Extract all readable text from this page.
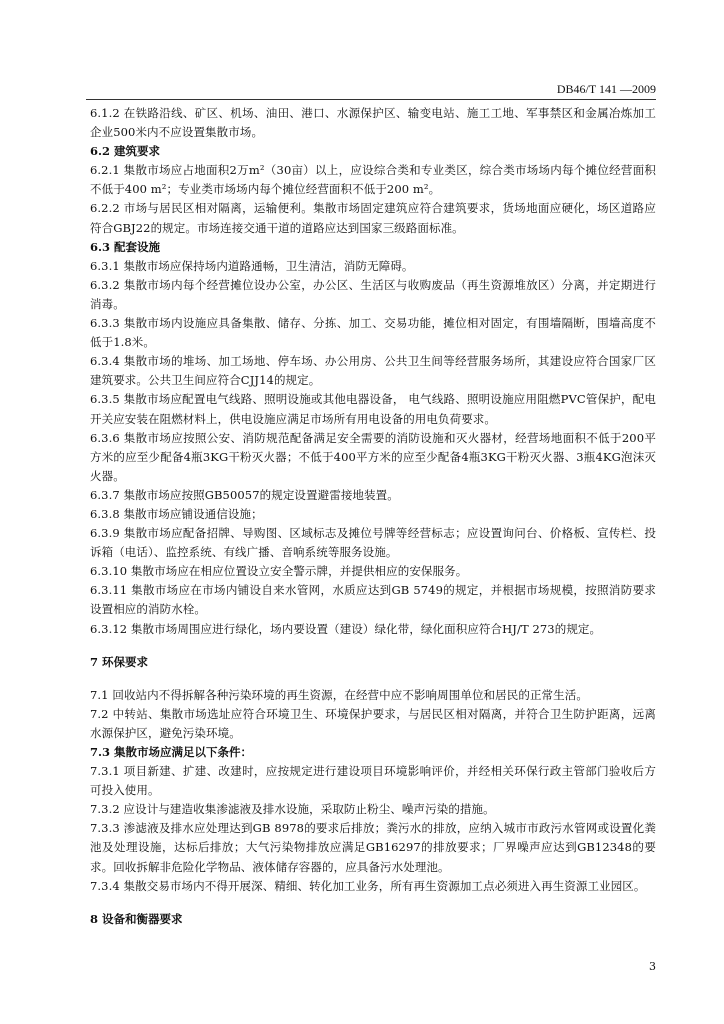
DB46/T 141 —2009
6.1.2 在铁路沿线、矿区、机场、油田、港口、水源保护区、输变电站、施工工地、军事禁区和金属冶炼加工企业500米内不应设置集散市场。
6.2 建筑要求
6.2.1 集散市场应占地面积2万m²（30亩）以上，应设综合类和专业类区，综合类市场场内每个摊位经营面积不低于400 m²；专业类市场场内每个摊位经营面积不低于200 m²。
6.2.2 市场与居民区相对隔离，运输便利。集散市场固定建筑应符合建筑要求，货场地面应硬化，场区道路应符合GBJ22的规定。市场连接交通干道的道路应达到国家三级路面标准。
6.3 配套设施
6.3.1 集散市场应保持场内道路通畅，卫生清洁，消防无障碍。
6.3.2 集散市场内每个经营摊位设办公室，办公区、生活区与收购废品（再生资源堆放区）分离，并定期进行消毒。
6.3.3 集散市场内设施应具备集散、储存、分拣、加工、交易功能，摊位相对固定，有围墙隔断，围墙高度不低于1.8米。
6.3.4 集散市场的堆场、加工场地、停车场、办公用房、公共卫生间等经营服务场所，其建设应符合国家厂区建筑要求。公共卫生间应符合CJJ14的规定。
6.3.5 集散市场应配置电气线路、照明设施或其他电器设备， 电气线路、照明设施应用阻燃PVC管保护，配电开关应安装在阻燃材料上，供电设施应满足市场所有用电设备的用电负荷要求。
6.3.6 集散市场应按照公安、消防规范配备满足安全需要的消防设施和灭火器材，经营场地面积不低于200平方米的应至少配备4瓶3KG干粉灭火器；不低于400平方米的应至少配备4瓶3KG干粉灭火器、3瓶4KG泡沫灭火器。
6.3.7 集散市场应按照GB50057的规定设置避雷接地装置。
6.3.8 集散市场应铺设通信设施；
6.3.9 集散市场应配备招牌、导购图、区域标志及摊位号牌等经营标志；应设置询问台、价格板、宣传栏、投诉箱（电话）、监控系统、有线广播、音响系统等服务设施。
6.3.10 集散市场应在相应位置设立安全警示牌，并提供相应的安保服务。
6.3.11 集散市场应在市场内铺设自来水管网，水质应达到GB 5749的规定，并根据市场规模，按照消防要求设置相应的消防水栓。
6.3.12 集散市场周围应进行绿化，场内要设置（建设）绿化带，绿化面积应符合HJ/T 273的规定。
7 环保要求
7.1 回收站内不得拆解各种污染环境的再生资源，在经营中应不影响周围单位和居民的正常生活。
7.2 中转站、集散市场选址应符合环境卫生、环境保护要求，与居民区相对隔离，并符合卫生防护距离，远离水源保护区，避免污染环境。
7.3 集散市场应满足以下条件：
7.3.1 项目新建、扩建、改建时，应按规定进行建设项目环境影响评价，并经相关环保行政主管部门验收后方可投入使用。
7.3.2 应设计与建造收集渗滤液及排水设施，采取防止粉尘、噪声污染的措施。
7.3.3 渗滤液及排水应处理达到GB 8978的要求后排放；粪污水的排放，应纳入城市市政污水管网或设置化粪池及处理设施，达标后排放；大气污染物排放应满足GB16297的排放要求；厂界噪声应达到GB12348的要求。回收拆解非危险化学物品、液体储存容器的，应具备污水处理池。
7.3.4 集散交易市场内不得开展深、精细、转化加工业务，所有再生资源加工点必须进入再生资源工业园区。
8 设备和衡器要求
3
